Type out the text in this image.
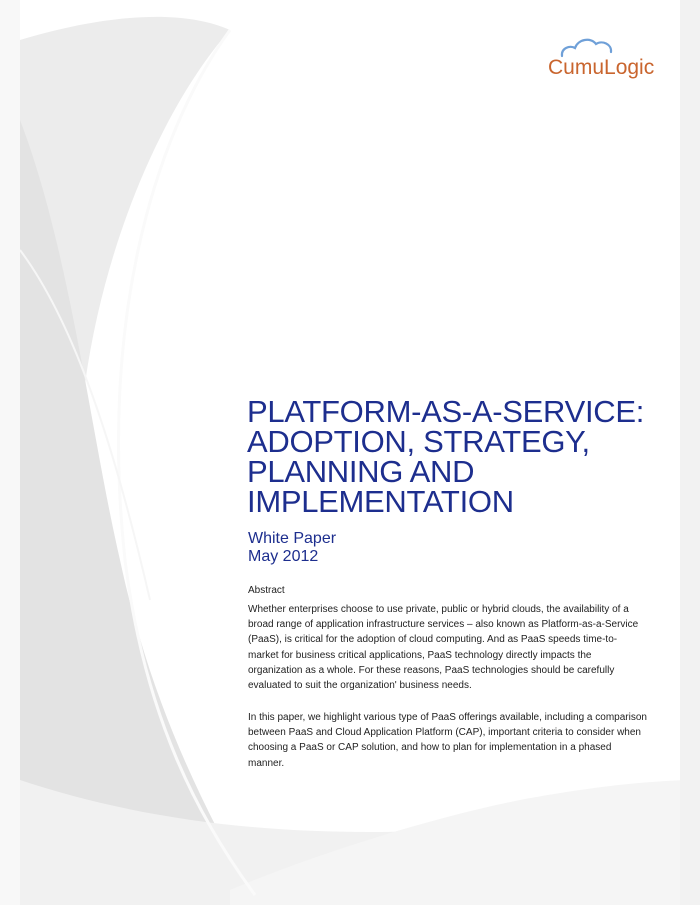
CumuLogic
PLATFORM-AS-A-SERVICE:
ADOPTION, STRATEGY,
PLANNING AND
IMPLEMENTATION
White Paper
May 2012
Abstract

Whether enterprises choose to use private, public or hybrid clouds, the availability of a
broad range of application infrastructure services – also known as Platform-as-a-Service
(PaaS), is critical for the adoption of cloud computing. And as PaaS speeds time-to-
market for business critical applications, PaaS technology directly impacts the
organization as a whole. For these reasons, PaaS technologies should be carefully
evaluated to suit the organization' business needs.

In this paper, we highlight various type of PaaS offerings available, including a comparison
between PaaS and Cloud Application Platform (CAP), important criteria to consider when
choosing a PaaS or CAP solution, and how to plan for implementation in a phased
manner.
